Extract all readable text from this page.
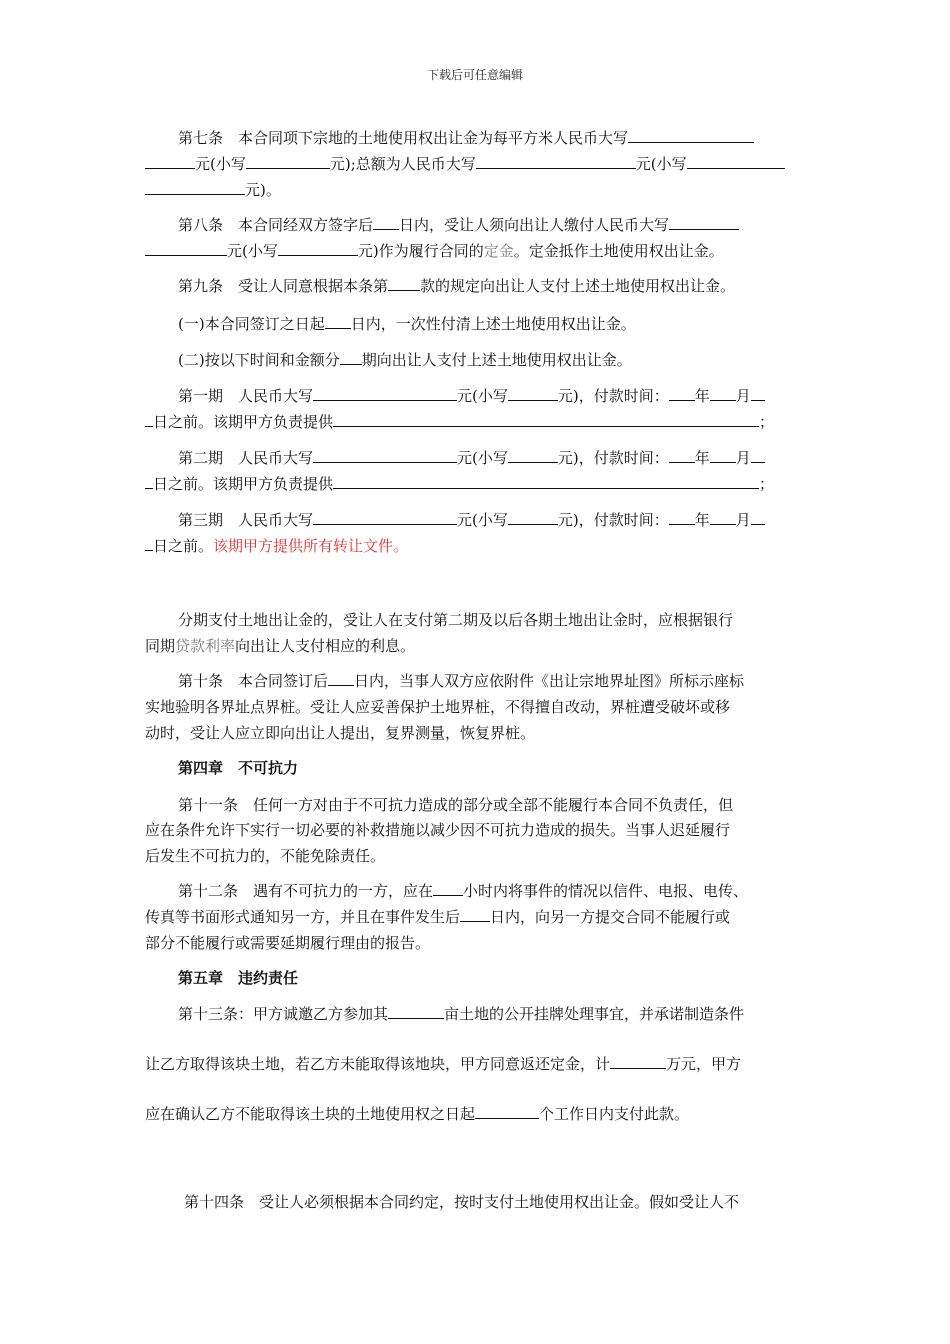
下载后可任意编辑
第七条　本合同项下宗地的土地使用权出让金为每平方米人民币大写
元(小写	元);总额为人民币大写	元(小写
元)。
第八条　本合同经双方签字后 日内，受让人须向出让人缴付人民币大写
元(小写	元)作为履行合同的定金。定金抵作土地使用权出让金。
第九条　受让人同意根据本条第 款的规定向出让人支付上述土地使用权出让金。
(一)本合同签订之日起 日内，一次性付清上述土地使用权出让金。
(二)按以下时间和金额分 期向出让人支付上述土地使用权出让金。
第一期　人民币大写	元(小写	元)，付款时间： 年 月
日之前。该期甲方负责提供	；
第二期　人民币大写	元(小写	元)，付款时间： 年 月
日之前。该期甲方负责提供	；
第三期　人民币大写	元(小写	元)，付款时间： 年 月
日之前。该期甲方提供所有转让文件。
分期支付土地出让金的，受让人在支付第二期及以后各期土地出让金时，应根据银行
同期贷款利率向出让人支付相应的利息。
第十条　本合同签订后 日内，当事人双方应依附件《出让宗地界址图》所标示座标
实地验明各界址点界桩。受让人应妥善保护土地界桩，不得擅自改动，界桩遭受破坏或移
动时，受让人应立即向出让人提出，复界测量，恢复界桩。
第四章　不可抗力
第十一条　任何一方对由于不可抗力造成的部分或全部不能履行本合同不负责任，但
应在条件允许下实行一切必要的补救措施以减少因不可抗力造成的损失。当事人迟延履行
后发生不可抗力的，不能免除责任。
第十二条　遇有不可抗力的一方，应在 小时内将事件的情况以信件、电报、电传、
传真等书面形式通知另一方，并且在事件发生后 日内，向另一方提交合同不能履行或
部分不能履行或需要延期履行理由的报告。
第五章　违约责任
第十三条：甲方诚邀乙方参加其	亩土地的公开挂牌处理事宜，并承诺制造条件
让乙方取得该块土地，若乙方未能取得该地块，甲方同意返还定金，计	万元，甲方
应在确认乙方不能取得该土块的土地使用权之日起	个工作日内支付此款。
第十四条　受让人必须根据本合同约定，按时支付土地使用权出让金。假如受让人不
